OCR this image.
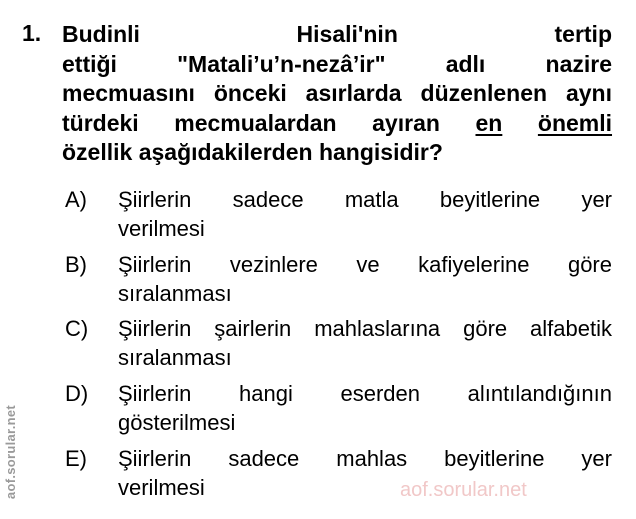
1. Budinli Hisali'nin tertip
ettiği "Matali’u’n-nezâ’ir" adlı nazire
mecmuasını önceki asırlarda düzenlenen aynı
türdeki mecmualardan ayıran en önemli
özellik aşağıdakilerden hangisidir?
A) Şiirlerin sadece matla beyitlerine yer
verilmesi
B) Şiirlerin vezinlere ve kafiyelerine göre
sıralanması
C) Şiirlerin şairlerin mahlaslarına göre alfabetik
sıralanması
D) Şiirlerin hangi eserden alıntılandığının
gösterilmesi
E) Şiirlerin sadece mahlas beyitlerine yer
verilmesi	aof.sorular.net
aof.sorular.net
